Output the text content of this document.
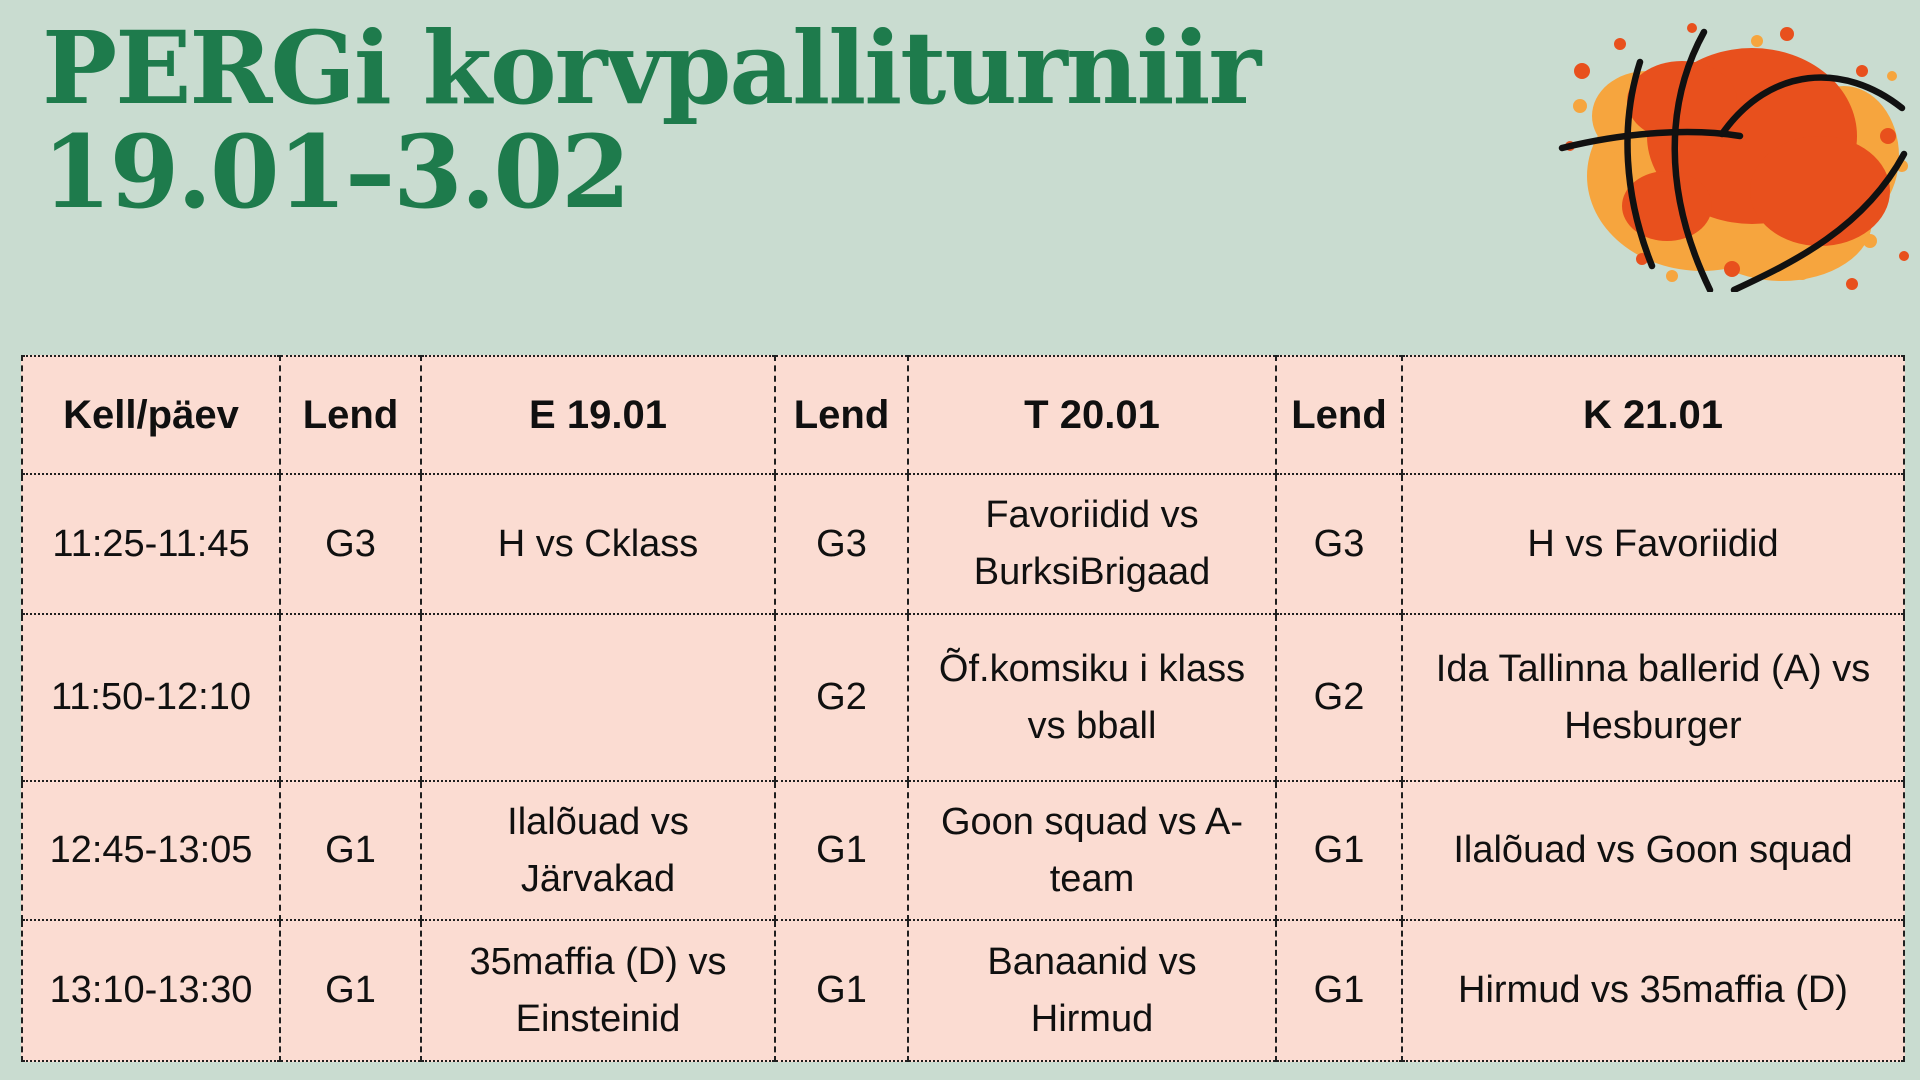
PERGi korvpalliturniir
19.01–3.02
Kell/päev	Lend	E 19.01	Lend	T 20.01	Lend	K 21.01
11:25-11:45	G3	H vs Cklass	G3	Favoriidid vs BurksiBrigaad	G3	H vs Favoriidid
11:50-12:10			G2	Õf.komsiku i klass vs bball	G2	Ida Tallinna ballerid (A) vs Hesburger
12:45-13:05	G1	Ilalõuad vs Järvakad	G1	Goon squad vs A-team	G1	Ilalõuad vs Goon squad
13:10-13:30	G1	35maffia (D) vs Einsteinid	G1	Banaanid vs Hirmud	G1	Hirmud vs 35maffia (D)
